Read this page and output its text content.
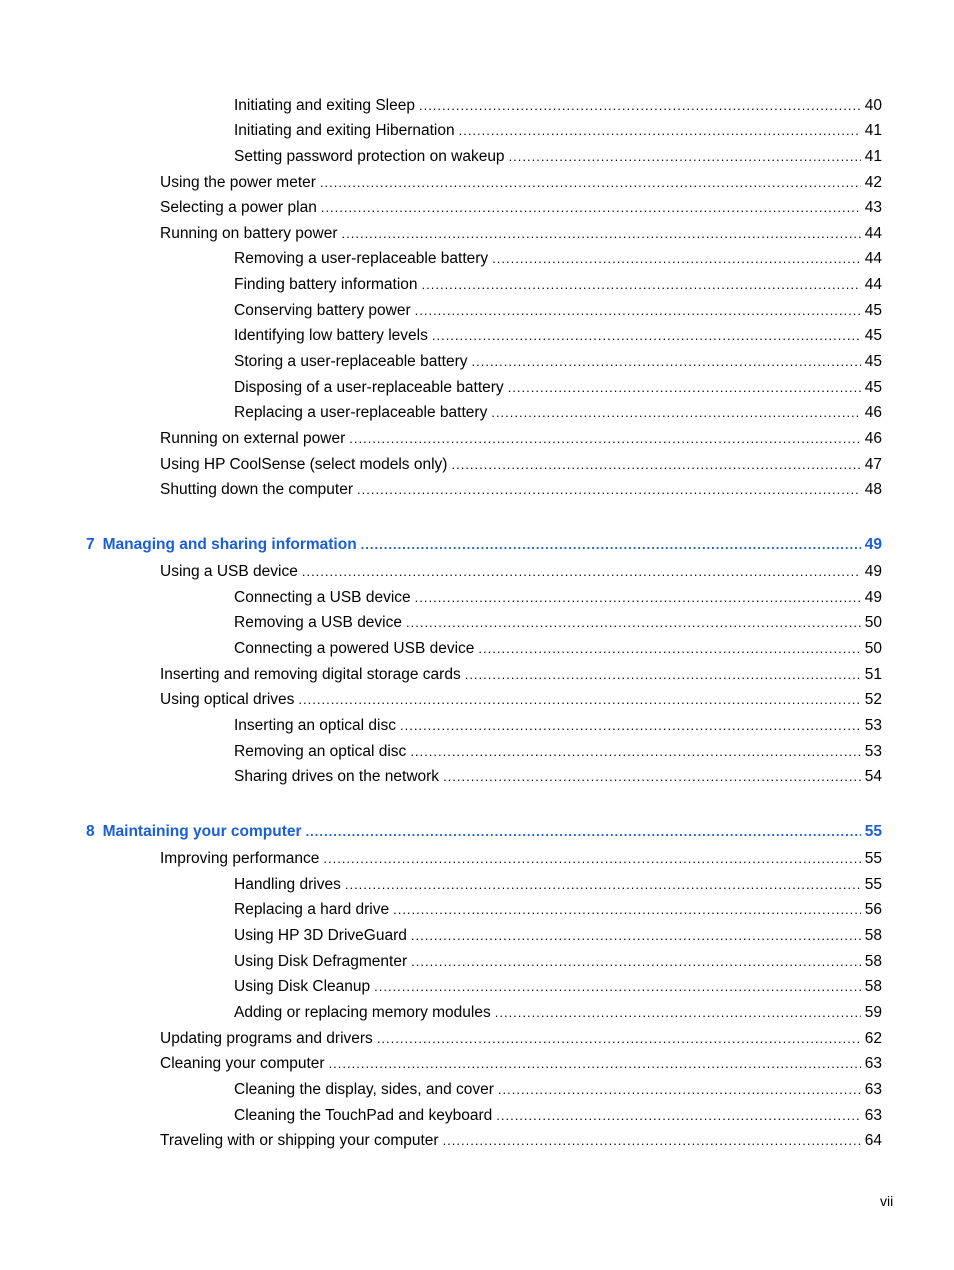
Initiating and exiting Sleep .....	40
Initiating and exiting Hibernation .....	41
Setting password protection on wakeup .....	41
Using the power meter .....	42
Selecting a power plan .....	43
Running on battery power .....	44
Removing a user-replaceable battery .....	44
Finding battery information .....	44
Conserving battery power .....	45
Identifying low battery levels .....	45
Storing a user-replaceable battery .....	45
Disposing of a user-replaceable battery .....	45
Replacing a user-replaceable battery .....	46
Running on external power .....	46
Using HP CoolSense (select models only) .....	47
Shutting down the computer .....	48
7 Managing and sharing information .....	49
Using a USB device .....	49
Connecting a USB device .....	49
Removing a USB device .....	50
Connecting a powered USB device .....	50
Inserting and removing digital storage cards .....	51
Using optical drives .....	52
Inserting an optical disc .....	53
Removing an optical disc .....	53
Sharing drives on the network .....	54
8 Maintaining your computer .....	55
Improving performance .....	55
Handling drives .....	55
Replacing a hard drive .....	56
Using HP 3D DriveGuard .....	58
Using Disk Defragmenter .....	58
Using Disk Cleanup .....	58
Adding or replacing memory modules .....	59
Updating programs and drivers .....	62
Cleaning your computer .....	63
Cleaning the display, sides, and cover .....	63
Cleaning the TouchPad and keyboard .....	63
Traveling with or shipping your computer .....	64
vii
